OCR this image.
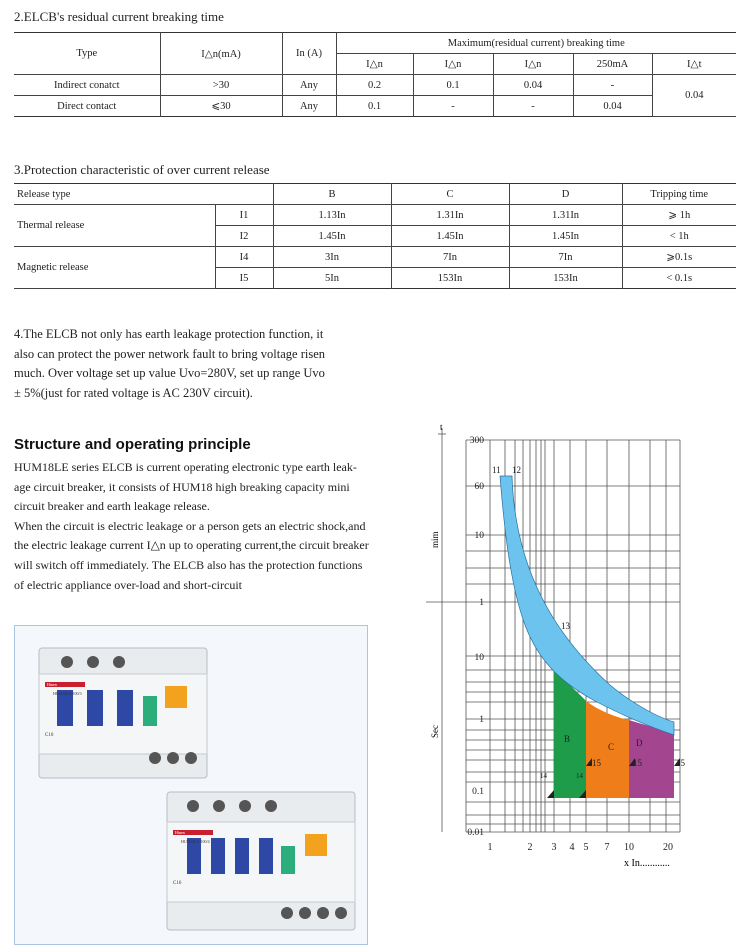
2.ELCB's residual current breaking time
Type	I△n(mA)	In (A)	Maximum(residual current) breaking time				
			I△n	I△n	I△n	250mA	I△t
Indirect conatct	>30	Any	0.2	0.1	0.04	-	0.04
Direct contact	⩽30	Any	0.1	-	-	0.04	
3.Protection characteristic of over current release
Release type		B	C	D	Tripping time
Thermal release	I1	1.13In	1.31In	1.31In	⩾ 1h
	I2	1.45In	1.45In	1.45In	< 1h
Magnetic release	I4	3In	7In	7In	⩾0.1s
	I5	5In	153In	153In	< 0.1s
4.The ELCB not only has earth leakage protection function, it
also can protect the power network fault to bring voltage risen
much. Over voltage set up value Uvo=280V, set up range Uvo
± 5%(just for rated voltage is AC 230V circuit).
Structure and operating principle
HUM18LE series ELCB is current operating electronic type earth leak-
age circuit breaker, it consists of HUM18 high breaking capacity mini
circuit breaker and earth leakage release.
When the circuit is electric leakage or a person gets an electric shock,and
the electric leakage current I△n up to operating current,the circuit breaker
will switch off immediately. The ELCB also has the protection functions
of electric appliance over-load and short-circuit
Hinen
HUM18LE-100/3
C10
Hinen
HUM18LE-100/4
C16
11 12
13
B
C D
14	14
15	15	15
300
60
10
1
10
1
0.1
0.01
t
mim
Sec
1	2 3 4 5 7 10	20
x In............
